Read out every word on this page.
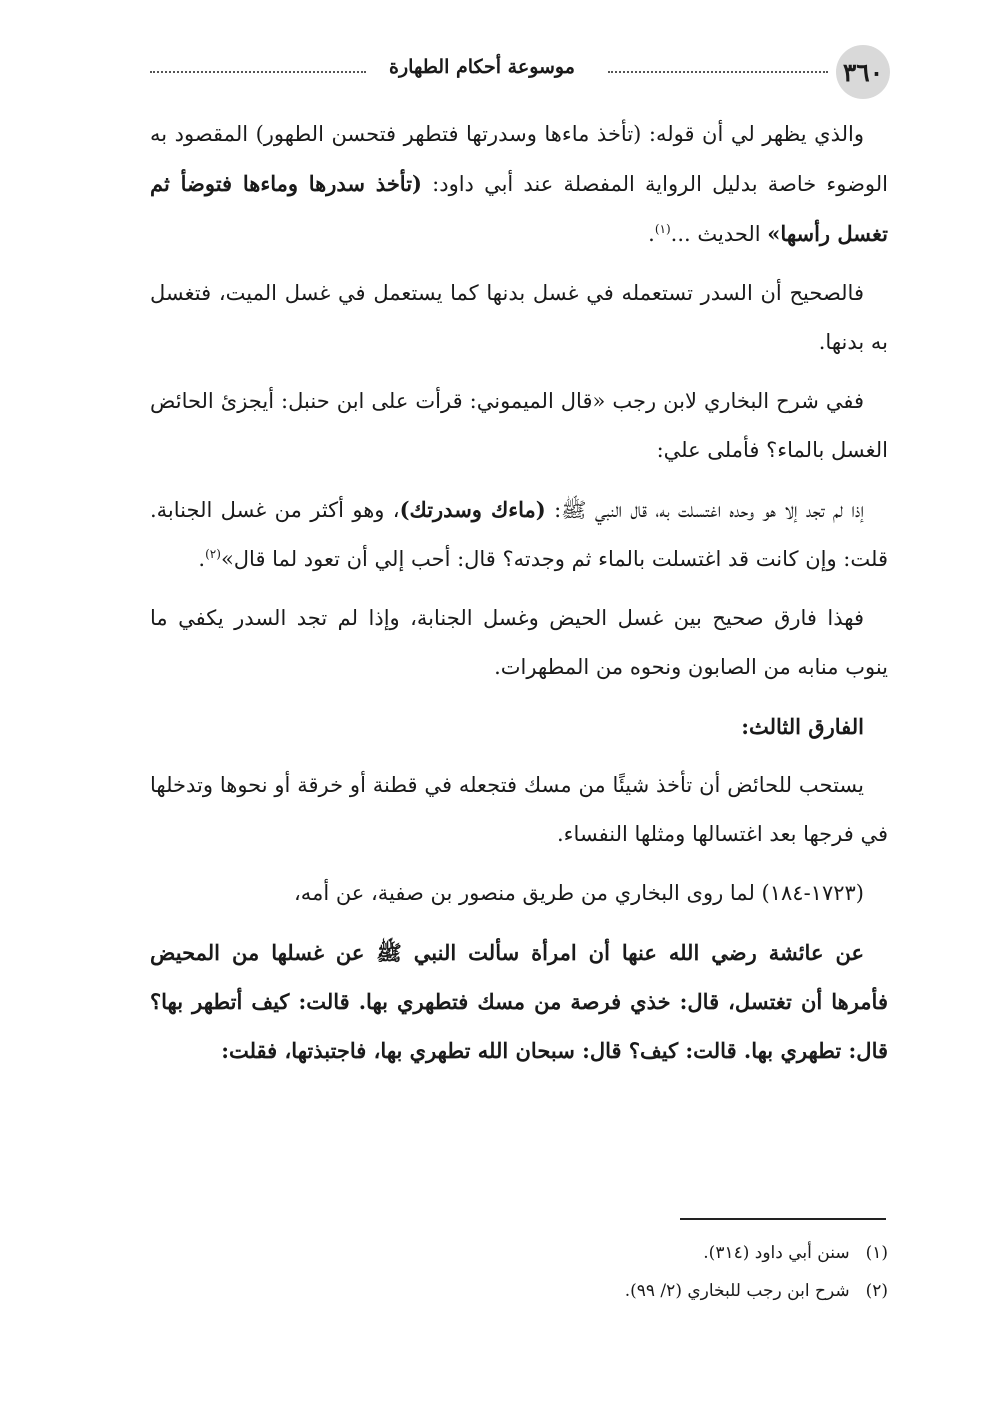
٣٦٠
موسوعة أحكام الطهارة

والذي يظهر لي أن قوله: (تأخذ ماءها وسدرتها فتطهر فتحسن الطهور) المقصود به الوضوء خاصة بدليل الرواية المفصلة عند أبي داود: (تأخذ سدرها وماءها فتوضأ ثم تغسل رأسها» الحديث ...$^{(١)}$.

فالصحيح أن السدر تستعمله في غسل بدنها كما يستعمل في غسل الميت، فتغسل به بدنها.

ففي شرح البخاري لابن رجب «قال الميموني: قرأت على ابن حنبل: أيجزئ الحائض الغسل بالماء؟ فأملى علي:

إذا لم تجد إلا هو وحده اغتسلت به، قال النبي ﷺ: (ماءك وسدرتك)، وهو أكثر من غسل الجنابة. قلت: وإن كانت قد اغتسلت بالماء ثم وجدته؟ قال: أحب إلي أن تعود لما قال»$^{(٢)}$.

فهذا فارق صحيح بين غسل الحيض وغسل الجنابة، وإذا لم تجد السدر يكفي ما ينوب منابه من الصابون ونحوه من المطهرات.

الفارق الثالث:

يستحب للحائض أن تأخذ شيئًا من مسك فتجعله في قطنة أو خرقة أو نحوها وتدخلها في فرجها بعد اغتسالها ومثلها النفساء.

(١٧٢٣-١٨٤) لما روى البخاري من طريق منصور بن صفية، عن أمه،

عن عائشة رضي الله عنها أن امرأة سألت النبي ﷺ عن غسلها من المحيض فأمرها أن تغتسل، قال: خذي فرصة من مسك فتطهري بها. قالت: كيف أتطهر بها؟ قال: تطهري بها. قالت: كيف؟ قال: سبحان الله تطهري بها، فاجتبذتها، فقلت:

(١)سنن أبي داود (٣١٤).

(٢)شرح ابن رجب للبخاري (٢/ ٩٩).
